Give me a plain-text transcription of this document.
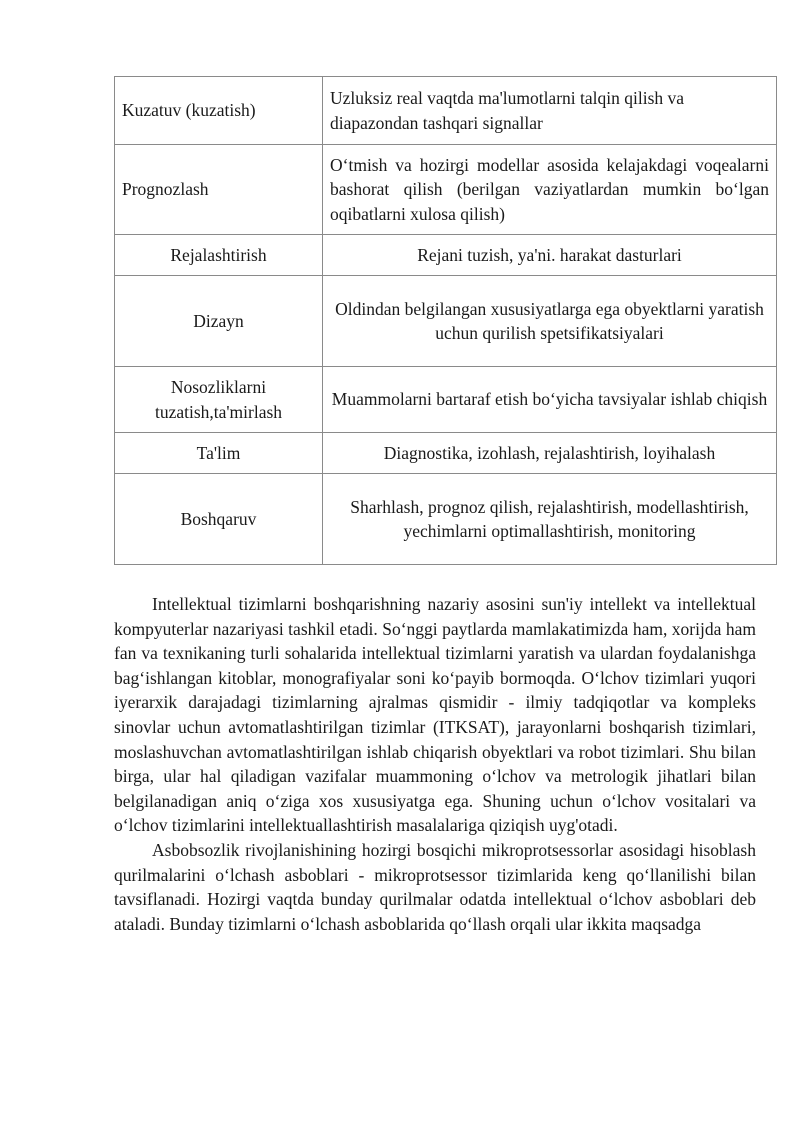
Kuzatuv (kuzatish)	Uzluksiz real vaqtda ma'lumotlarni talqin qilish va diapazondan tashqari signallar
Prognozlash	O‘tmish va hozirgi modellar asosida kelajakdagi voqealarni bashorat qilish (berilgan vaziyatlardan mumkin bo‘lgan oqibatlarni xulosa qilish)
Rejalashtirish	Rejani tuzish, ya'ni. harakat dasturlari
Dizayn	Oldindan belgilangan xususiyatlarga ega obyektlarni yaratish uchun qurilish spetsifikatsiyalari
Nosozliklarni tuzatish,ta'mirlash	Muammolarni bartaraf etish bo‘yicha tavsiyalar ishlab chiqish
Ta'lim	Diagnostika, izohlash, rejalashtirish, loyihalash
Boshqaruv	Sharhlash, prognoz qilish, rejalashtirish, modellashtirish, yechimlarni optimallashtirish, monitoring

Intellektual tizimlarni boshqarishning nazariy asosini sun'iy intellekt va intellektual kompyuterlar nazariyasi tashkil etadi. So‘nggi paytlarda mamlakatimizda ham, xorijda ham fan va texnikaning turli sohalarida intellektual tizimlarni yaratish va ulardan foydalanishga bag‘ishlangan kitoblar, monografiyalar soni ko‘payib bormoqda. O‘lchov tizimlari yuqori iyerarxik darajadagi tizimlarning ajralmas qismidir - ilmiy tadqiqotlar va kompleks sinovlar uchun avtomatlashtirilgan tizimlar (ITKSAT), jarayonlarni boshqarish tizimlari, moslashuvchan avtomatlashtirilgan ishlab chiqarish obyektlari va robot tizimlari. Shu bilan birga, ular hal qiladigan vazifalar muammoning o‘lchov va metrologik jihatlari bilan belgilanadigan aniq o‘ziga xos xususiyatga ega. Shuning uchun o‘lchov vositalari va o‘lchov tizimlarini intellektuallashtirish masalalariga qiziqish uyg'otadi.

Asbobsozlik rivojlanishining hozirgi bosqichi mikroprotsessorlar asosidagi hisoblash qurilmalarini o‘lchash asboblari - mikroprotsessor tizimlarida keng qo‘llanilishi bilan tavsiflanadi. Hozirgi vaqtda bunday qurilmalar odatda intellektual o‘lchov asboblari deb ataladi. Bunday tizimlarni o‘lchash asboblarida qo‘llash orqali ular ikkita maqsadga
